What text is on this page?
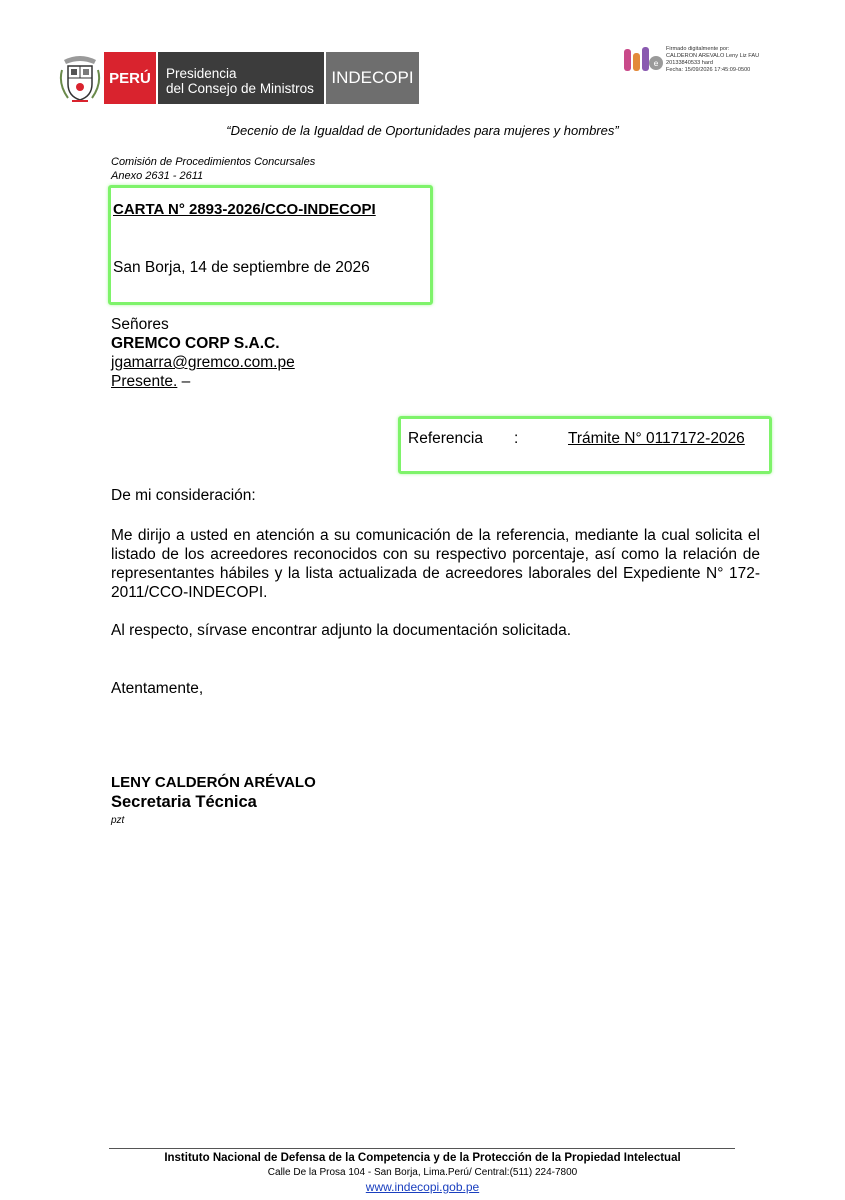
PERÚ Presidencia
del Consejo de Ministros
INDECOPI
e
Firmado digitalmente por:
CALDERON AREVALO Leny Liz FAU
20133840533 hard
Fecha: 15/09/2026 17:45:09-0500
“Decenio de la Igualdad de Oportunidades para mujeres y hombres”
Comisión de Procedimientos Concursales
Anexo 2631 - 2611
CARTA N° 2893-2026/CCO-INDECOPI
San Borja, 14 de septiembre de 2026
Señores
GREMCO CORP S.A.C.
jgamarra@gremco.com.pe
Presente. –
Referencia :	Trámite N° 0117172-2026
De mi consideración:
Me dirijo a usted en atención a su comunicación de la referencia, mediante la cual solicita el listado de los acreedores reconocidos con su respectivo porcentaje, así como la relación de representantes hábiles y la lista actualizada de acreedores laborales del Expediente N° 172-2011/CCO-INDECOPI.
Al respecto, sírvase encontrar adjunto la documentación solicitada.
Atentamente,
LENY CALDERÓN ARÉVALO
Secretaria Técnica
pzt
Instituto Nacional de Defensa de la Competencia y de la Protección de la Propiedad Intelectual
Calle De la Prosa 104 - San Borja, Lima.Perú/ Central:(511) 224-7800
www.indecopi.gob.pe
